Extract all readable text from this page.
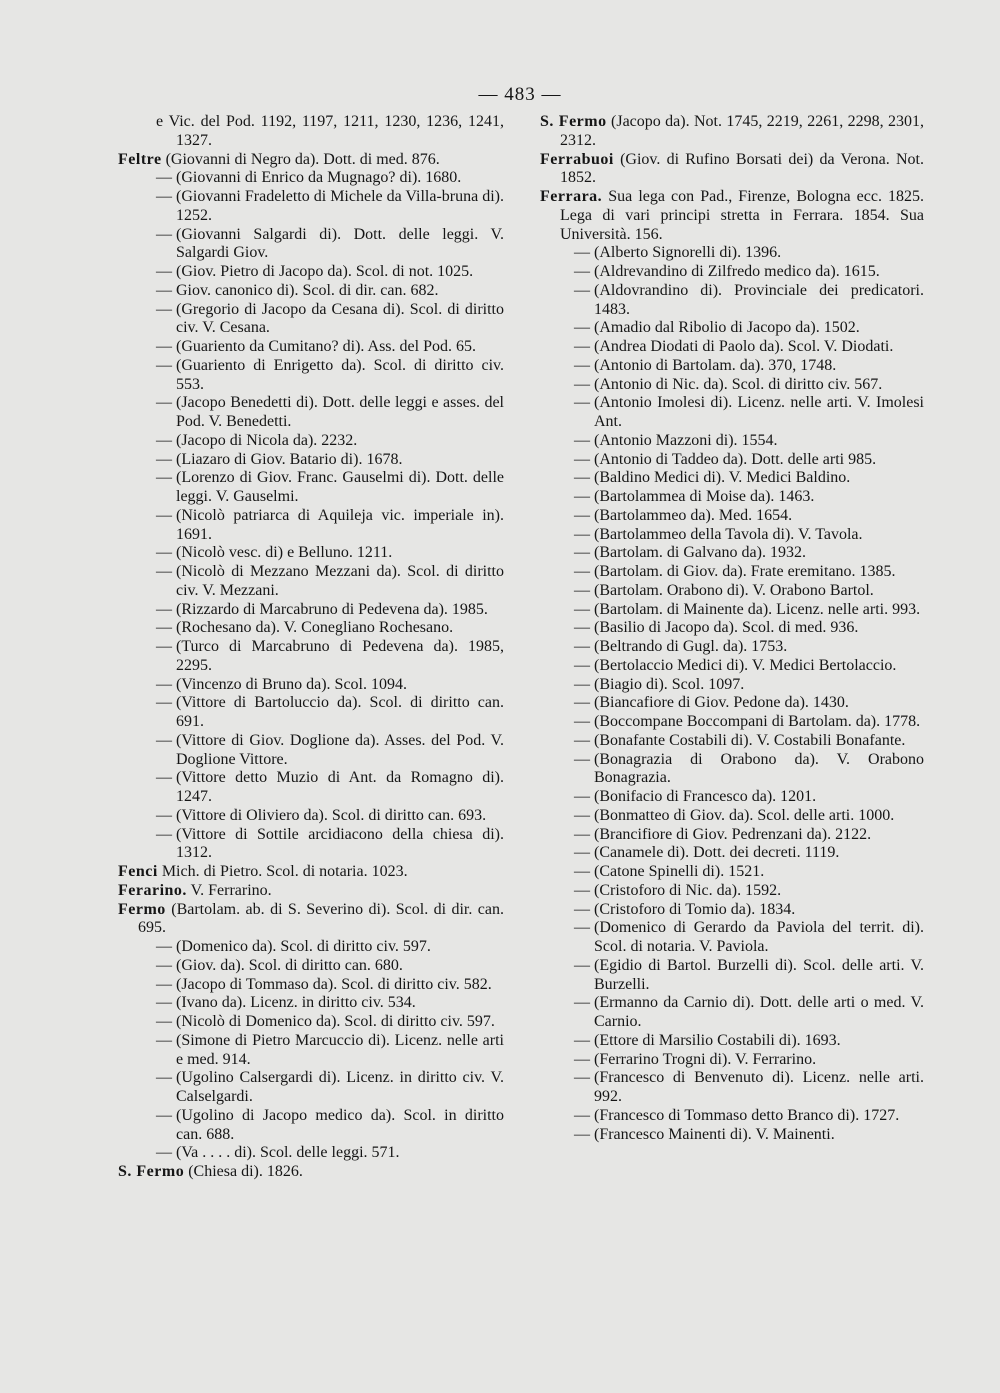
— 483 —

e Vic. del Pod. 1192, 1197, 1211, 1230, 1236, 1241, 1327.

Feltre (Giovanni di Negro da). Dott. di med. 876.

— (Giovanni di Enrico da Mugnago? di). 1680.

— (Giovanni Fradeletto di Michele da Villa-bruna di). 1252.

— (Giovanni Salgardi di). Dott. delle leggi. V. Salgardi Giov.

— (Giov. Pietro di Jacopo da). Scol. di not. 1025.

— Giov. canonico di). Scol. di dir. can. 682.

— (Gregorio di Jacopo da Cesana di). Scol. di diritto civ. V. Cesana.

— (Guariento da Cumitano? di). Ass. del Pod. 65.

— (Guariento di Enrigetto da). Scol. di diritto civ. 553.

— (Jacopo Benedetti di). Dott. delle leggi e asses. del Pod. V. Benedetti.

— (Jacopo di Nicola da). 2232.

— (Liazaro di Giov. Batario di). 1678.

— (Lorenzo di Giov. Franc. Gauselmi di). Dott. delle leggi. V. Gauselmi.

— (Nicolò patriarca di Aquileja vic. imperiale in). 1691.

— (Nicolò vesc. di) e Belluno. 1211.

— (Nicolò di Mezzano Mezzani da). Scol. di diritto civ. V. Mezzani.

— (Rizzardo di Marcabruno di Pedevena da). 1985.

— (Rochesano da). V. Conegliano Rochesano.

— (Turco di Marcabruno di Pedevena da). 1985, 2295.

— (Vincenzo di Bruno da). Scol. 1094.

— (Vittore di Bartoluccio da). Scol. di diritto can. 691.

— (Vittore di Giov. Doglione da). Asses. del Pod. V. Doglione Vittore.

— (Vittore detto Muzio di Ant. da Romagno di). 1247.

— (Vittore di Oliviero da). Scol. di diritto can. 693.

— (Vittore di Sottile arcidiacono della chiesa di). 1312.

Fenci Mich. di Pietro. Scol. di notaria. 1023.

Ferarino. V. Ferrarino.

Fermo (Bartolam. ab. di S. Severino di). Scol. di dir. can. 695.

— (Domenico da). Scol. di diritto civ. 597.

— (Giov. da). Scol. di diritto can. 680.

— (Jacopo di Tommaso da). Scol. di diritto civ. 582.

— (Ivano da). Licenz. in diritto civ. 534.

— (Nicolò di Domenico da). Scol. di diritto civ. 597.

— (Simone di Pietro Marcuccio di). Licenz. nelle arti e med. 914.

— (Ugolino Calsergardi di). Licenz. in diritto civ. V. Calselgardi.

— (Ugolino di Jacopo medico da). Scol. in diritto can. 688.

— (Va . . . . di). Scol. delle leggi. 571.

S. Fermo (Chiesa di). 1826.

S. Fermo (Jacopo da). Not. 1745, 2219, 2261, 2298, 2301, 2312.

Ferrabuoi (Giov. di Rufino Borsati dei) da Verona. Not. 1852.

Ferrara. Sua lega con Pad., Firenze, Bologna ecc. 1825. Lega di vari principi stretta in Ferrara. 1854. Sua Università. 156.

— (Alberto Signorelli di). 1396.

— (Aldrevandino di Zilfredo medico da). 1615.

— (Aldovrandino di). Provinciale dei predicatori. 1483.

— (Amadio dal Ribolio di Jacopo da). 1502.

— (Andrea Diodati di Paolo da). Scol. V. Diodati.

— (Antonio di Bartolam. da). 370, 1748.

— (Antonio di Nic. da). Scol. di diritto civ. 567.

— (Antonio Imolesi di). Licenz. nelle arti. V. Imolesi Ant.

— (Antonio Mazzoni di). 1554.

— (Antonio di Taddeo da). Dott. delle arti 985.

— (Baldino Medici di). V. Medici Baldino.

— (Bartolammea di Moise da). 1463.

— (Bartolammeo da). Med. 1654.

— (Bartolammeo della Tavola di). V. Tavola.

— (Bartolam. di Galvano da). 1932.

— (Bartolam. di Giov. da). Frate eremitano. 1385.

— (Bartolam. Orabono di). V. Orabono Bartol.

— (Bartolam. di Mainente da). Licenz. nelle arti. 993.

— (Basilio di Jacopo da). Scol. di med. 936.

— (Beltrando di Gugl. da). 1753.

— (Bertolaccio Medici di). V. Medici Bertolaccio.

— (Biagio di). Scol. 1097.

— (Biancafiore di Giov. Pedone da). 1430.

— (Boccompane Boccompani di Bartolam. da). 1778.

— (Bonafante Costabili di). V. Costabili Bonafante.

— (Bonagrazia di Orabono da). V. Orabono Bonagrazia.

— (Bonifacio di Francesco da). 1201.

— (Bonmatteo di Giov. da). Scol. delle arti. 1000.

— (Brancifiore di Giov. Pedrenzani da). 2122.

— (Canamele di). Dott. dei decreti. 1119.

— (Catone Spinelli di). 1521.

— (Cristoforo di Nic. da). 1592.

— (Cristoforo di Tomio da). 1834.

— (Domenico di Gerardo da Paviola del territ. di). Scol. di notaria. V. Paviola.

— (Egidio di Bartol. Burzelli di). Scol. delle arti. V. Burzelli.

— (Ermanno da Carnio di). Dott. delle arti o med. V. Carnio.

— (Ettore di Marsilio Costabili di). 1693.

— (Ferrarino Trogni di). V. Ferrarino.

— (Francesco di Benvenuto di). Licenz. nelle arti. 992.

— (Francesco di Tommaso detto Branco di). 1727.

— (Francesco Mainenti di). V. Mainenti.
